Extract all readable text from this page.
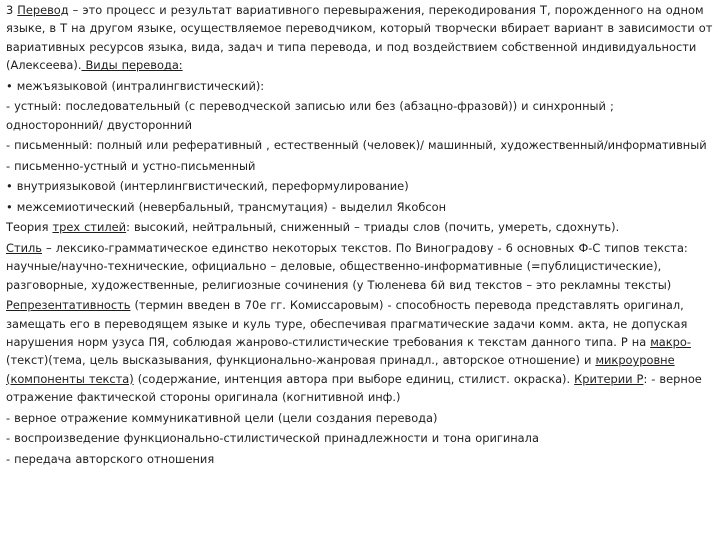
3 Перевод – это процесс и результат вариативного перевыражения, перекодирования Т, порожденного на одном языке, в Т на другом языке, осуществляемое переводчиком, который творчески вбирает вариант в зависимости от вариативных ресурсов языка, вида, задач и типа перевода, и под воздействием собственной индивидуальности (Алексеева). Виды перевода:

• межъязыковой (интралингвистический):

- устный: последовательный (с переводческой записью или без (абзацно-фразовй)) и синхронный ; односторонний/ двусторонний

- письменный: полный или реферативный , естественный (человек)/ машинный, художественный/информативный

- письменно-устный и устно-письменный

• внутриязыковой (интерлингвистический, переформулирование)

• межсемиотический (невербальный, трансмутация) - выделил Якобсон

Теория трех стилей: высокий, нейтральный, сниженный – триады слов (почить, умереть, сдохнуть).

Стиль – лексико-грамматическое единство некоторых текстов. По Виноградову - 6 основных Ф-С типов текста: научные/научно-технические, официально – деловые, общественно-информативные (=публицистические), разговорные, художественные, религиозные сочинения (у Тюленева 6й вид текстов – это рекламны тексты)

Репрезентативность (термин введен в 70е гг. Комиссаровым) - способность перевода представлять оригинал, замещать его в переводящем языке и куль туре, обеспечивая прагматические задачи комм. акта, не допуская нарушения норм узуса ПЯ, соблюдая жанрово-стилистические требования к текстам данного типа. Р на макро- (текст)(тема, цель высказывания, функционально-жанровая принадл., авторское отношение) и микроуровне (компоненты текста) (содержание, интенция автора при выборе единиц, стилист. окраска). Критерии Р: - верное отражение фактической стороны оригинала (когнитивной инф.)

- верное отражение коммуникативной цели (цели создания перевода)

- воспроизведение функционально-стилистической принадлежности и тона оригинала

- передача авторского отношения
